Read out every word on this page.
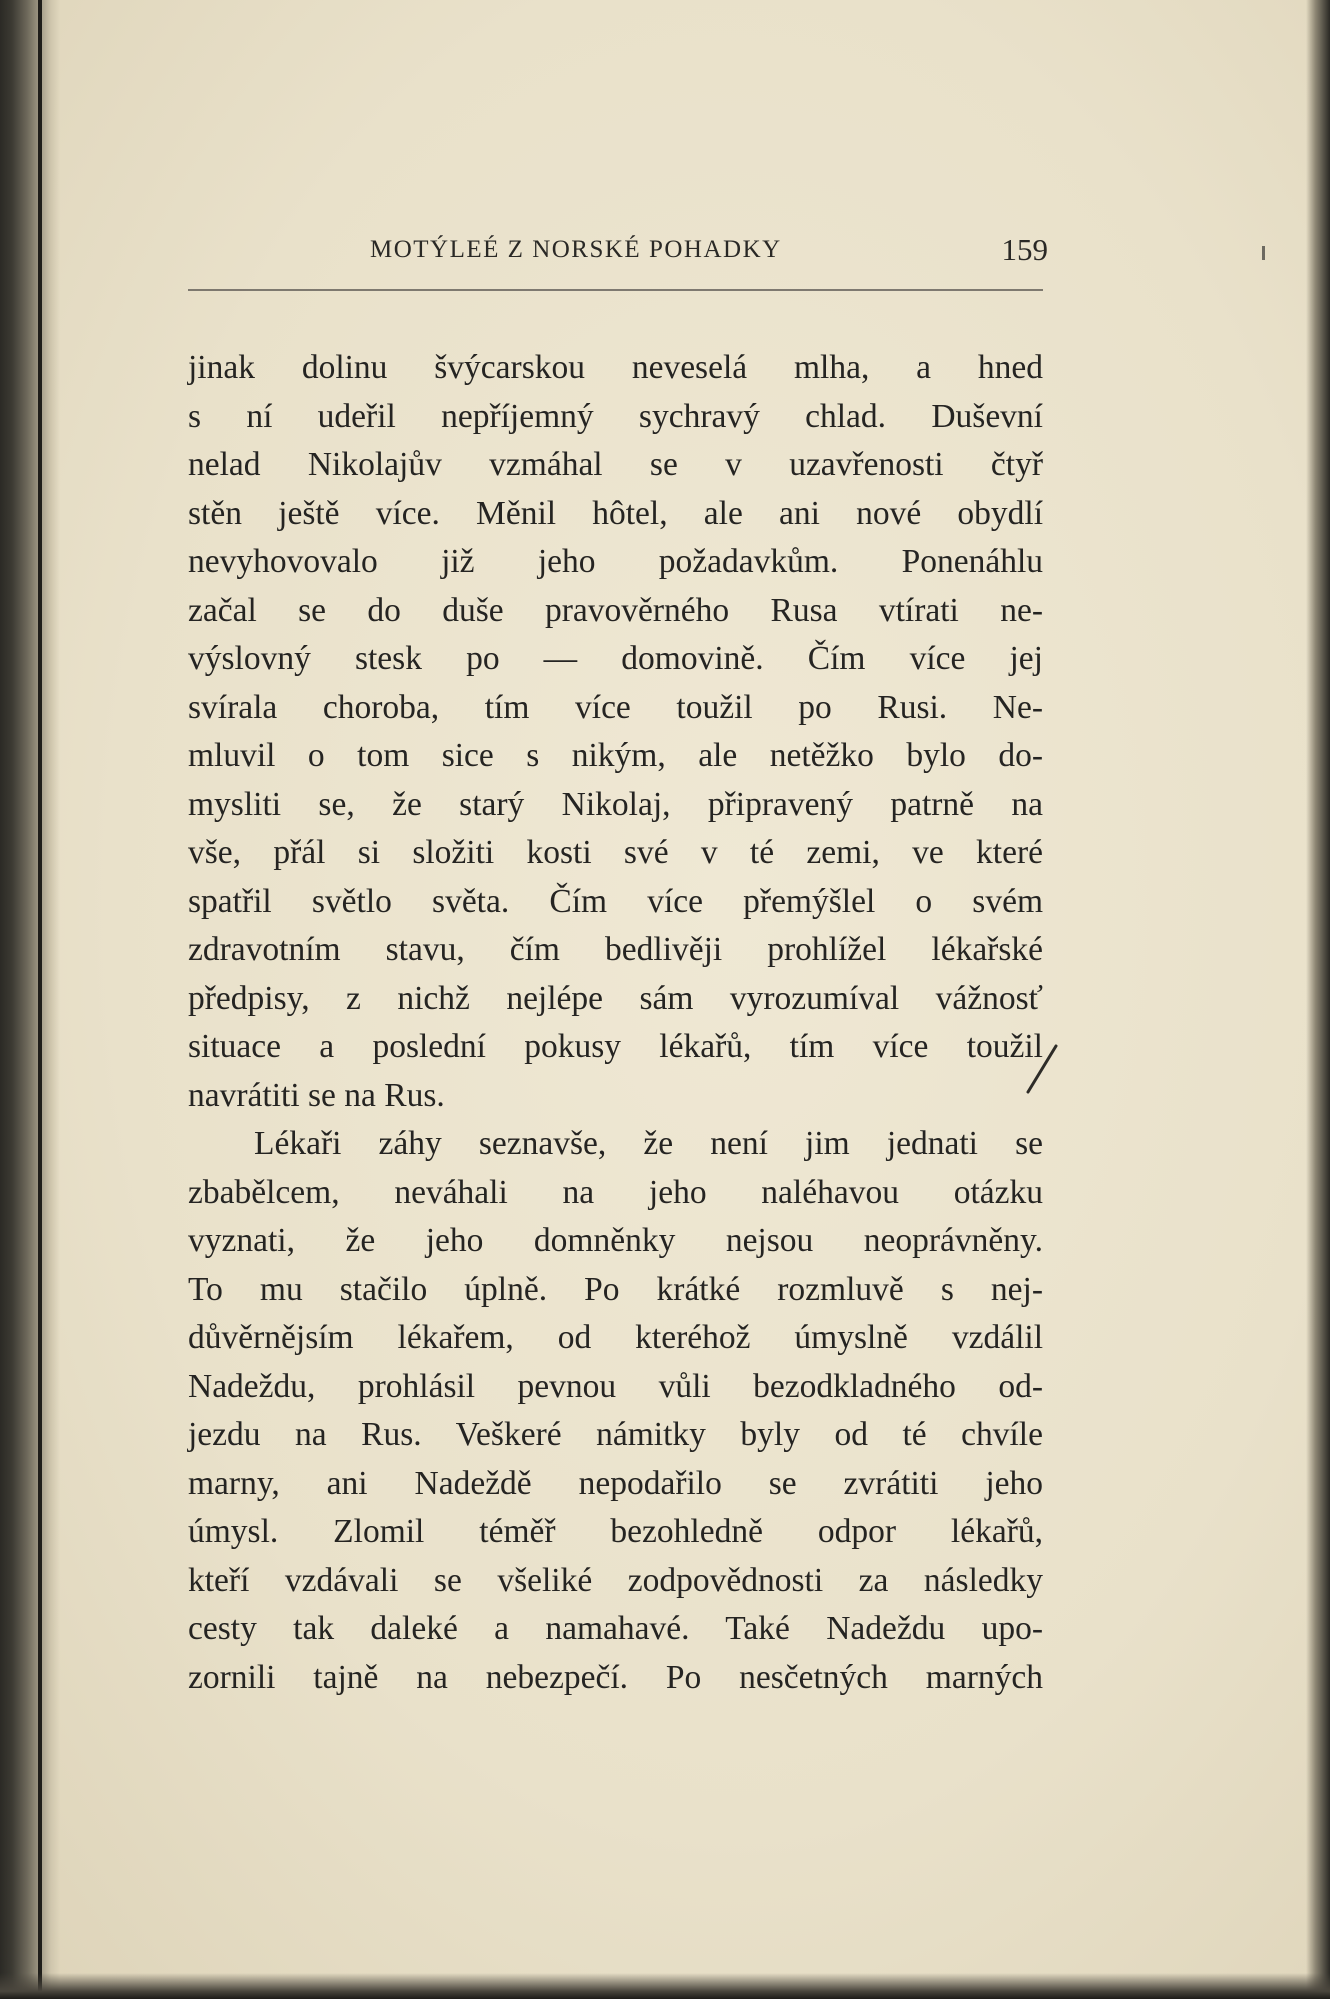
MOTÝLEÉ Z NORSKÉ POHADKY	159
jinak dolinu švýcarskou neveselá mlha, a hned
s ní udeřil nepříjemný sychravý chlad. Duševní
nelad Nikolajův vzmáhal se v uzavřenosti čtyř
stěn ještě více. Měnil hôtel, ale ani nové obydlí
nevyhovovalo již jeho požadavkům. Ponenáhlu
začal se do duše pravověrného Rusa vtírati ne-
výslovný stesk po — domovině. Čím více jej
svírala choroba, tím více toužil po Rusi. Ne-
mluvil o tom sice s nikým, ale netěžko bylo do-
mysliti se, že starý Nikolaj, připravený patrně na
vše, přál si složiti kosti své v té zemi, ve které
spatřil světlo světa. Čím více přemýšlel o svém
zdravotním stavu, čím bedlivěji prohlížel lékařské
předpisy, z nichž nejlépe sám vyrozumíval vážnosť
situace a poslední pokusy lékařů, tím více toužil
navrátiti se na Rus.
Lékaři záhy seznavše, že není jim jednati se
zbabělcem, neváhali na jeho naléhavou otázku
vyznati, že jeho domněnky nejsou neoprávněny.
To mu stačilo úplně. Po krátké rozmluvě s nej-
důvěrnějsím lékařem, od kteréhož úmyslně vzdálil
Nadeždu, prohlásil pevnou vůli bezodkladného od-
jezdu na Rus. Veškeré námitky byly od té chvíle
marny, ani Nadeždě nepodařilo se zvrátiti jeho
úmysl. Zlomil téměř bezohledně odpor lékařů,
kteří vzdávali se všeliké zodpovědnosti za následky
cesty tak daleké a namahavé. Také Nadeždu upo-
zornili tajně na nebezpečí. Po nesčetných marných
